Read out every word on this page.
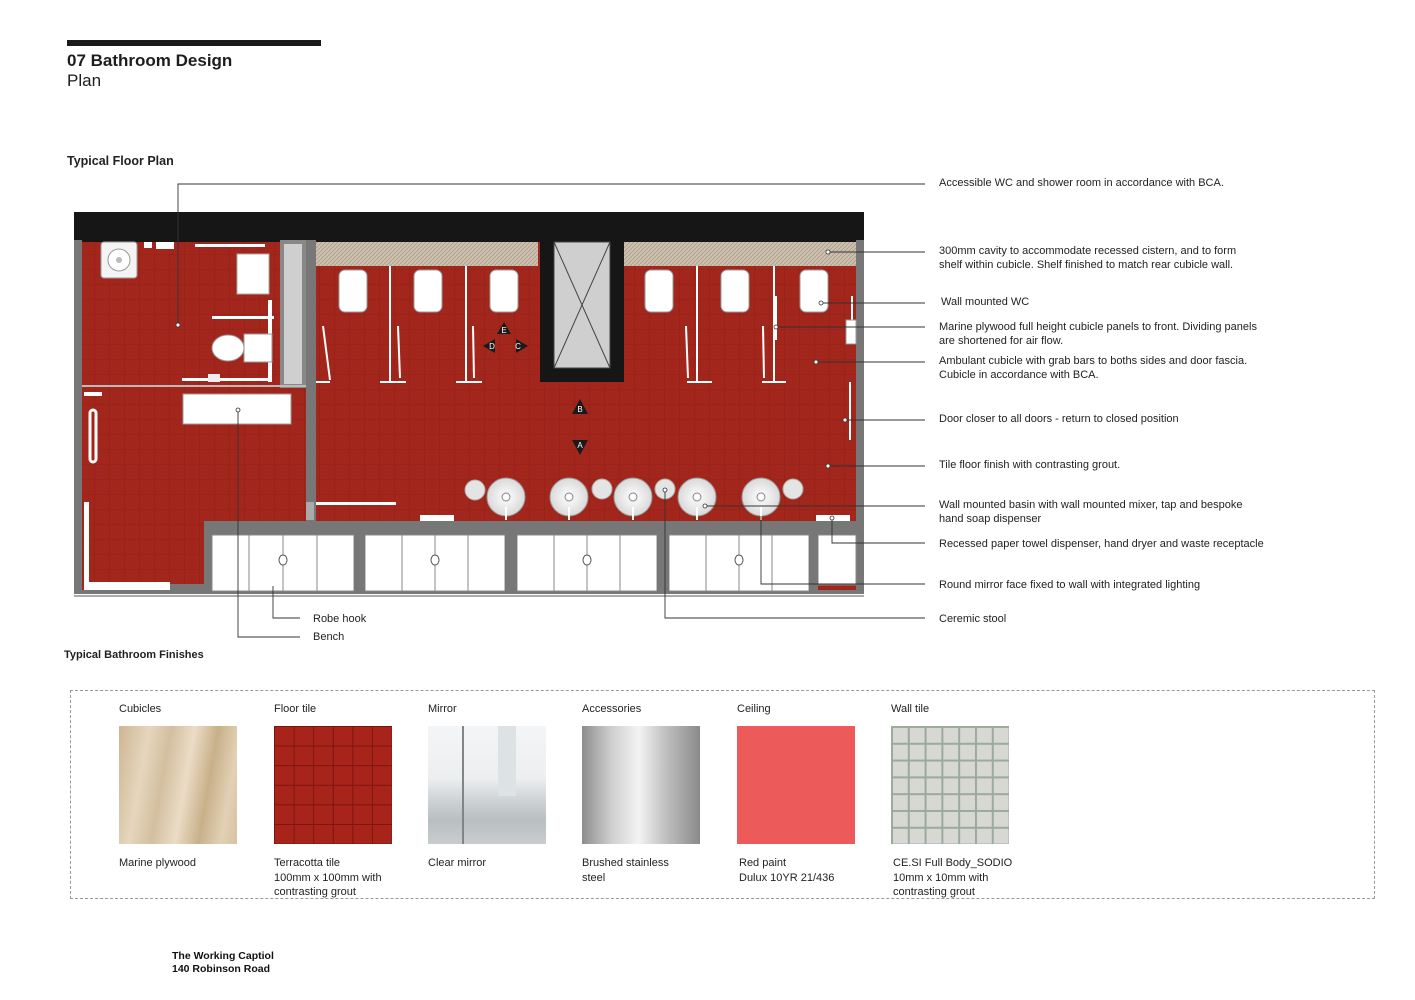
07 Bathroom Design
Plan
Typical Floor Plan
E
D	C
B
A
Accessible WC and shower room in accordance with BCA.
300mm cavity to accommodate recessed cistern, and to form
shelf within cubicle. Shelf finished to match rear cubicle wall.
Wall mounted WC
Marine plywood full height cubicle panels to front. Dividing panels
are shortened for air flow.
Ambulant cubicle with grab bars to boths sides and door fascia.
Cubicle in accordance with BCA.
Door closer to all doors - return to closed position
Tile floor finish with contrasting grout.
Wall mounted basin with wall mounted mixer, tap and bespoke
hand soap dispenser
Recessed paper towel dispenser, hand dryer and waste receptacle
Round mirror face fixed to wall with integrated lighting
Ceremic stool
Robe hook
Bench
Typical Bathroom Finishes
Cubicles
Marine plywood
Floor tile
Terracotta tile
100mm x 100mm with
contrasting grout
Mirror
Clear mirror
Accessories
Brushed stainless
steel
Ceiling
Red paint
Dulux 10YR 21/436
Wall tile
CE.SI Full Body_SODIO
10mm x 10mm with
contrasting grout
The Working Captiol
140 Robinson Road
